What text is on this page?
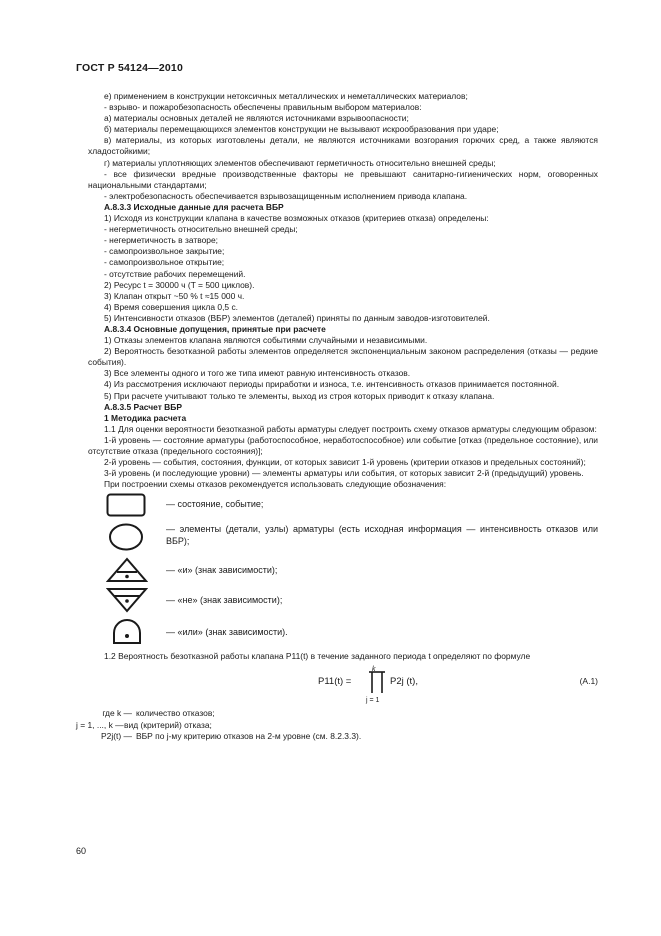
ГОСТ Р 54124—2010

е) применением в конструкции нетоксичных металлических и неметаллических материалов;

- взрыво- и пожаробезопасность обеспечены правильным выбором материалов:

а) материалы основных деталей не являются источниками взрывоопасности;

б) материалы перемещающихся элементов конструкции не вызывают искрообразования при ударе;

в) материалы, из которых изготовлены детали, не являются источниками возгорания горючих сред, а также являются хладостойкими;

г) материалы уплотняющих элементов обеспечивают герметичность относительно внешней среды;

- все физически вредные производственные факторы не превышают санитарно-гигиенических норм, оговоренных национальными стандартами;

- электробезопасность обеспечивается взрывозащищенным исполнением привода клапана.

А.8.3.3 Исходные данные для расчета ВБР

1) Исходя из конструкции клапана в качестве возможных отказов (критериев отказа) определены:

- негерметичность относительно внешней среды;

- негерметичность в затворе;

- самопроизвольное закрытие;

- самопроизвольное открытие;

- отсутствие рабочих перемещений.

2) Ресурс t = 30000 ч (T = 500 циклов).

3) Клапан открыт ~50 % t ≈15 000 ч.

4) Время совершения цикла 0,5 с.

5) Интенсивности отказов (ВБР) элементов (деталей) приняты по данным заводов-изготовителей.

А.8.3.4 Основные допущения, принятые при расчете

1) Отказы элементов клапана являются событиями случайными и независимыми.

2) Вероятность безотказной работы элементов определяется экспоненциальным законом распределения (отказы — редкие события).

3) Все элементы одного и того же типа имеют равную интенсивность отказов.

4) Из рассмотрения исключают периоды приработки и износа, т.е. интенсивность отказов принимается постоянной.

5) При расчете учитывают только те элементы, выход из строя которых приводит к отказу клапана.

А.8.3.5 Расчет ВБР

1 Методика расчета

1.1 Для оценки вероятности безотказной работы арматуры следует построить схему отказов арматуры следующим образом:

1-й уровень — состояние арматуры (работоспособное, неработоспособное) или событие [отказ (предельное состояние), или отсутствие отказа (предельного состояния)];

2-й уровень — события, состояния, функции, от которых зависит 1-й уровень (критерии отказов и предельных состояний);

3-й уровень (и последующие уровни) — элементы арматуры или события, от которых зависит 2-й (предыдущий) уровень.

При построении схемы отказов рекомендуется использовать следующие обозначения:

— состояние, событие;
— элементы (детали, узлы) арматуры (есть исходная информация — интенсивность отказов или ВБР);
— «и» (знак зависимости);
— «не» (знак зависимости);
— «или» (знак зависимости).

1.2 Вероятность безотказной работы клапана P11(t) в течение заданного периода t определяют по формуле

P11(t) =
k
j = 1
P2j (t),	(А.1)
где k — количество отказов;
j = 1, ..., k — вид (критерий) отказа;
P2j(t) — ВБР по j-му критерию отказов на 2-м уровне (см. 8.2.3.3).
60
